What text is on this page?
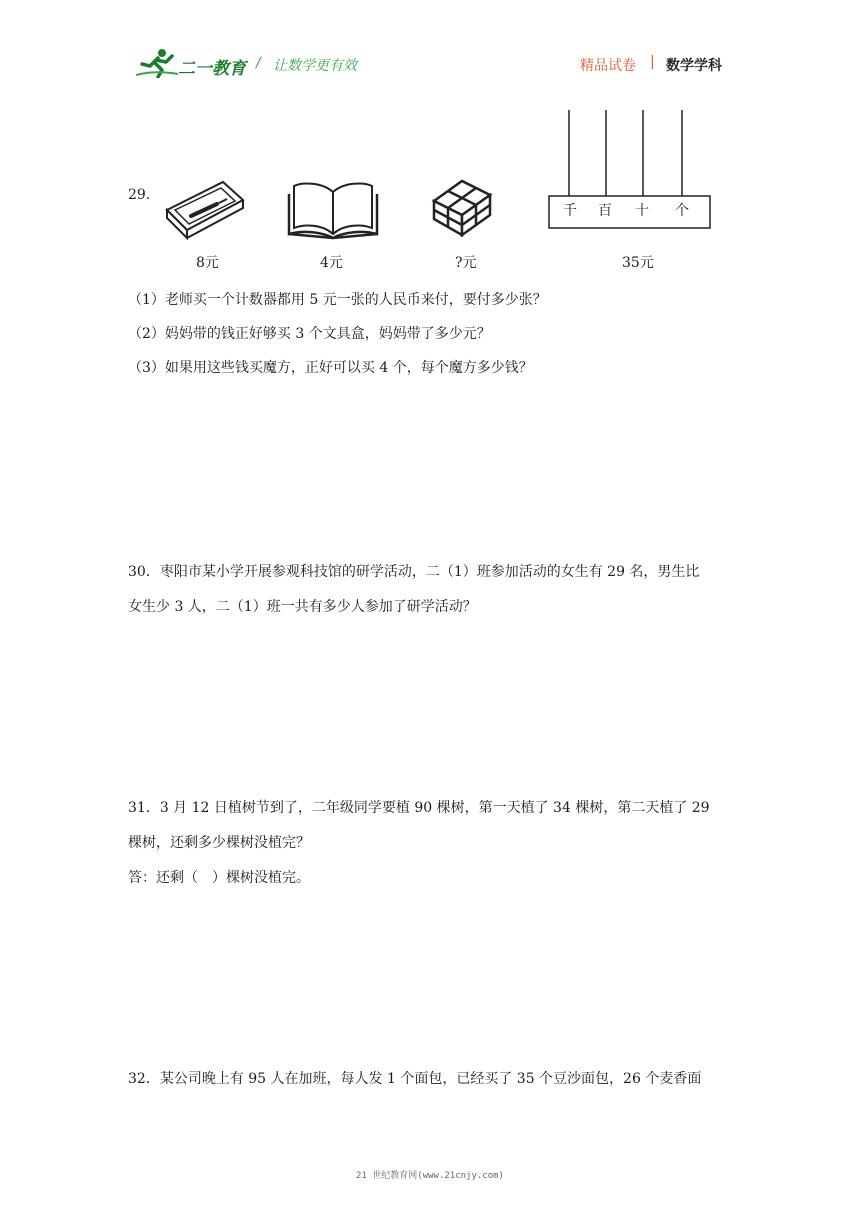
二一教育 / 让数学更有效	精品试卷 | 数学学科
29.
8元	4元	?元
千 百 十 个
35元
（1）老师买一个计数器都用 5 元一张的人民币来付，要付多少张？
（2）妈妈带的钱正好够买 3 个文具盒，妈妈带了多少元？
（3）如果用这些钱买魔方，正好可以买 4 个，每个魔方多少钱？
30．枣阳市某小学开展参观科技馆的研学活动，二（1）班参加活动的女生有 29 名，男生比
女生少 3 人，二（1）班一共有多少人参加了研学活动？
31．3 月 12 日植树节到了，二年级同学要植 90 棵树，第一天植了 34 棵树，第二天植了 29
棵树，还剩多少棵树没植完？
答：还剩（　）棵树没植完。
32．某公司晚上有 95 人在加班，每人发 1 个面包，已经买了 35 个豆沙面包，26 个麦香面
21 世纪教育网(www.21cnjy.com)
